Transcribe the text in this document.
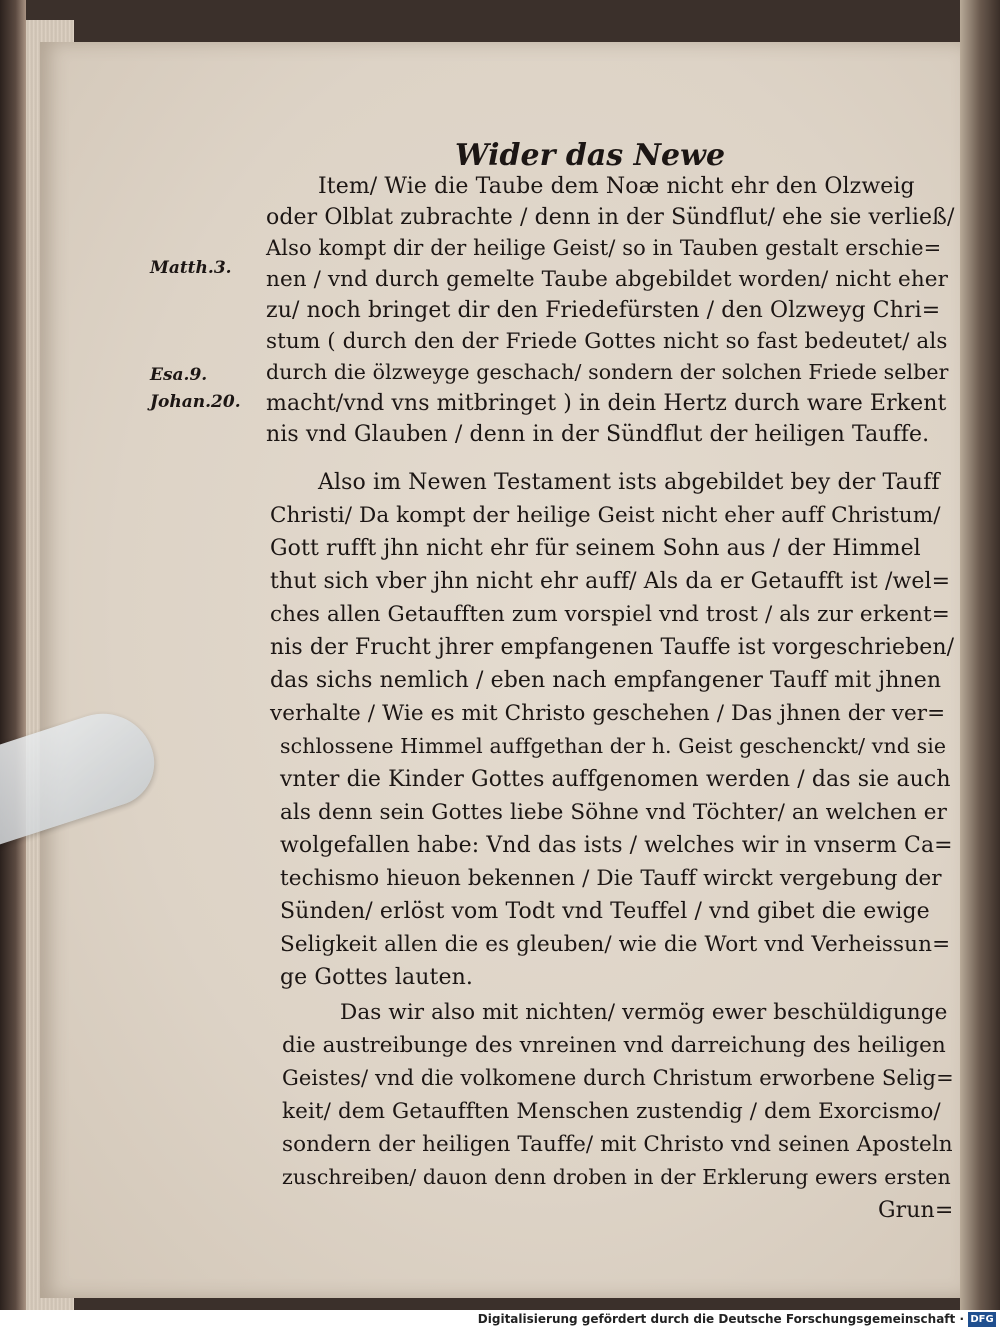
Wider das Newe
Matth.3.
Esa.9.
Johan.20.
Item/ Wie die Taube dem Noæ nicht ehr den Olzweig
oder Olblat zubrachte / denn in der Sündflut/ ehe sie verließ/
Also kompt dir der heilige Geist/ so in Tauben gestalt erschie=
nen / vnd durch gemelte Taube abgebildet worden/ nicht eher
zu/ noch bringet dir den Friedefürsten / den Olzweyg Chri=
stum ( durch den der Friede Gottes nicht so fast bedeutet/ als
durch die ölzweyge geschach/ sondern der solchen Friede selber
macht/vnd vns mitbringet ) in dein Hertz durch ware Erkent
nis vnd Glauben / denn in der Sündflut der heiligen Tauffe.
Also im Newen Testament ists abgebildet bey der Tauff
Christi/ Da kompt der heilige Geist nicht eher auff Christum/
Gott rufft jhn nicht ehr für seinem Sohn aus / der Himmel
thut sich vber jhn nicht ehr auff/ Als da er Getaufft ist /wel=
ches allen Getaufften zum vorspiel vnd trost / als zur erkent=
nis der Frucht jhrer empfangenen Tauffe ist vorgeschrieben/
das sichs nemlich / eben nach empfangener Tauff mit jhnen
verhalte / Wie es mit Christo geschehen / Das jhnen der ver=
schlossene Himmel auffgethan der h. Geist geschenckt/ vnd sie
vnter die Kinder Gottes auffgenomen werden / das sie auch
als denn sein Gottes liebe Söhne vnd Töchter/ an welchen er
wolgefallen habe: Vnd das ists / welches wir in vnserm Ca=
techismo hieuon bekennen / Die Tauff wirckt vergebung der
Sünden/ erlöst vom Todt vnd Teuffel / vnd gibet die ewige
Seligkeit allen die es gleuben/ wie die Wort vnd Verheissun=
ge Gottes lauten.
Das wir also mit nichten/ vermög ewer beschüldigunge
die austreibunge des vnreinen vnd darreichung des heiligen
Geistes/ vnd die volkomene durch Christum erworbene Selig=
keit/ dem Getaufften Menschen zustendig / dem Exorcismo/
sondern der heiligen Tauffe/ mit Christo vnd seinen Aposteln
zuschreiben/ dauon denn droben in der Erklerung ewers ersten
Grun=
Digitalisierung gefördert durch die Deutsche Forschungsgemeinschaft · DFG
